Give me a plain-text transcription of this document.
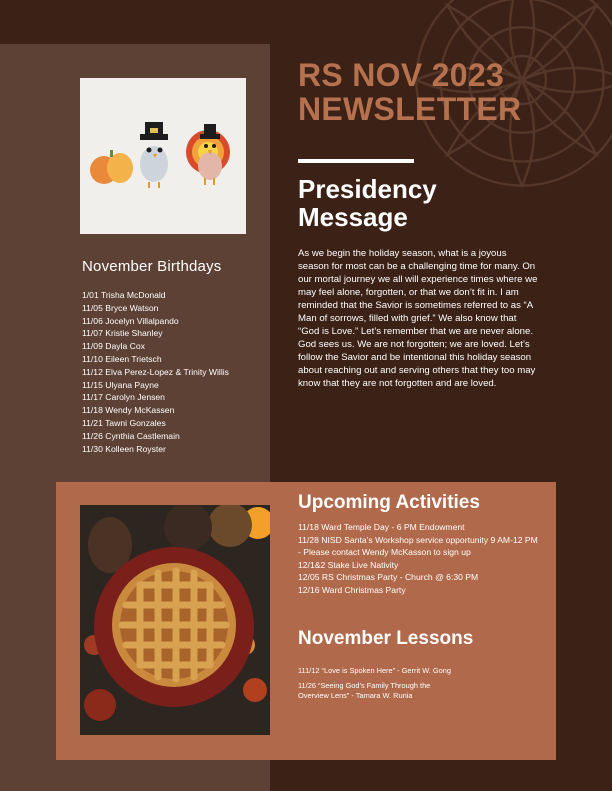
November Birthdays
1/01 Trisha McDonald
11/05 Bryce Watson
11/06 Jocelyn Villalpando
11/07 Kristie Shanley
11/09 Dayla Cox
11/10 Eileen Trietsch
11/12 Elva Perez-Lopez & Trinity Willis
11/15 Ulyana Payne
11/17 Carolyn Jensen
11/18 Wendy McKassen
11/21 Tawni Gonzales
11/26 Cynthia Castlemain
11/30 Kolleen Royster
RS NOV 2023
NEWSLETTER
Presidency Message

As we begin the holiday season, what is a joyous season for most can be a challenging time for many. On our mortal journey we all will experience times where we may feel alone, forgotten, or that we don’t fit in. I am reminded that the Savior is sometimes referred to as “A Man of sorrows, filled with grief.” We also know that “God is Love.” Let’s remember that we are never alone. God sees us. We are not forgotten; we are loved. Let’s follow the Savior and be intentional this holiday season about reaching out and serving others that they too may know that they are not forgotten and are loved.

Upcoming Activities
11/18 Ward Temple Day - 6 PM Endowment
11/28 NISD Santa’s Workshop service opportunity 9 AM-12 PM - Please contact Wendy McKasson to sign up
12/1&2 Stake Live Nativity
12/05 RS Christmas Party - Church @ 6:30 PM
12/16 Ward Christmas Party
November Lessons
111/12 “Love is Spoken Here” - Gerrit W. Gong
11/26 “Seeing God’s Family Through the Overview Lens” - Tamara W. Runia
